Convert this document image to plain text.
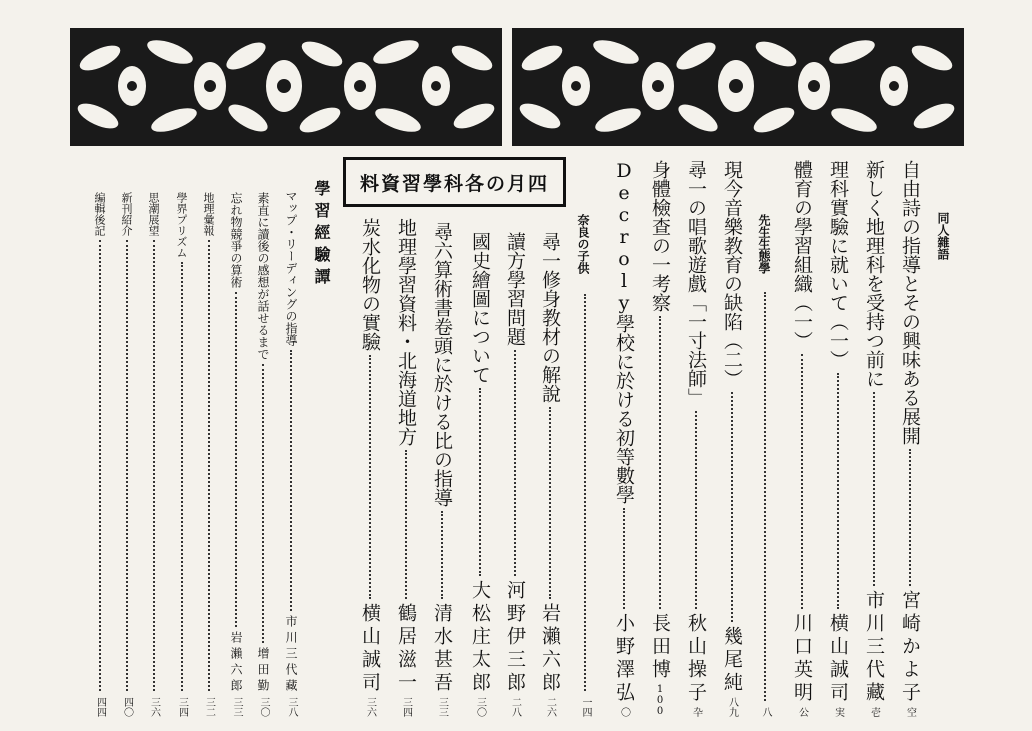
同人雜語
先生生態學
奈良の子供
學習經驗譚 四月の各科學習資料	自由詩の指導とその興味ある展開
宮崎かよ子
空
新しく地理科を受持つ前に
市川三代藏
壱
理科實驗に就いて（一）
横山誠司
実
體育の學習組織（一）
川口英明
公
八
現今音樂教育の缺陷（二）
幾尾純
八九
尋一の唱歌遊戲「一寸法師」
秋山操子
卆
身體檢查の一考察
長田博
100
Decroly學校に於ける初等數學
小野澤弘
〇
一四
尋一修身教材の解說
岩瀨六郎
二六
讀方學習問題
河野伊三郎
二八
國史繪圖について
大松庄太郎
三〇
尋六算術書卷頭に於ける比の指導
清水甚吾
三三
地理學習資料・北海道地方
鶴居滋一
三四
炭水化物の實驗
横山誠司
三六
マップ・リーディングの指導
市川三代藏
三八
素直に讀後の感想が話せるまで
增田勤
三〇
忘れ物競爭の算術
岩瀨六郎
三三
地理彙報
三二
學界プリズム
三四
思潮展望
三六
新刊紹介
四〇
編輯後記
四四
